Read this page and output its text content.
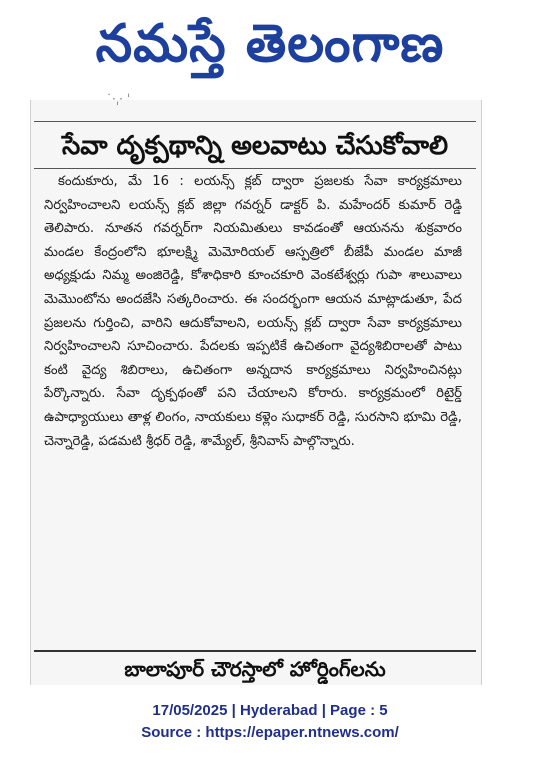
నమస్తే తెలంగాణ
˙·ˌ· ˈ
సేవా దృక్పథాన్ని అలవాటు చేసుకోవాలి

కందుకూరు, మే 16 : లయన్స్ క్లబ్ ద్వారా ప్రజలకు సేవా కార్యక్రమాలు నిర్వహించాలని లయన్స్ క్లబ్ జిల్లా గవర్నర్ డాక్టర్ పి. మహేందర్ కుమార్ రెడ్డి తెలిపారు. నూతన గవర్నర్‌గా నియమితులు కావడంతో ఆయనను శుక్రవారం మండల కేంద్రంలోని భూలక్ష్మి మెమోరియల్ ఆస్పత్రిలో బీజేపీ మండల మాజీ అధ్యక్షుడు నిమ్మ అంజిరెడ్డి, కోశాధికారి కూంచకూరి వెంకటేశ్వర్లు గుపా శాలువాలు మెమొంటోను అందజేసి సత్కరించారు. ఈ సందర్భంగా ఆయన మాట్లాడుతూ, పేద ప్రజలను గుర్తించి, వారిని ఆదుకోవాలని, లయన్స్ క్లబ్ ద్వారా సేవా కార్యక్రమాలు నిర్వహించాలని సూచించారు. పేదలకు ఇప్పటికే ఉచితంగా వైద్యశిబిరాలతో పాటు కంటి వైద్య శిబిరాలు, ఉచితంగా అన్నదాన కార్యక్రమాలు నిర్వహించినట్లు పేర్కొన్నారు. సేవా దృక్పథంతో పని చేయాలని కోరారు. కార్యక్రమంలో రిటైర్డ్ ఉపాధ్యాయులు తాళ్ల లింగం, నాయకులు కళ్లెం సుధాకర్ రెడ్డి, సురసాని భూమి రెడ్డి, చెన్నారెడ్డి, పడమటి శ్రీధర్ రెడ్డి, శామ్యేల్, శ్రీనివాస్ పాల్గొన్నారు.

బాలాపూర్ చౌరస్తాలో హోర్డింగ్‌లను
17/05/2025 | Hyderabad | Page : 5
Source : https://epaper.ntnews.com/
